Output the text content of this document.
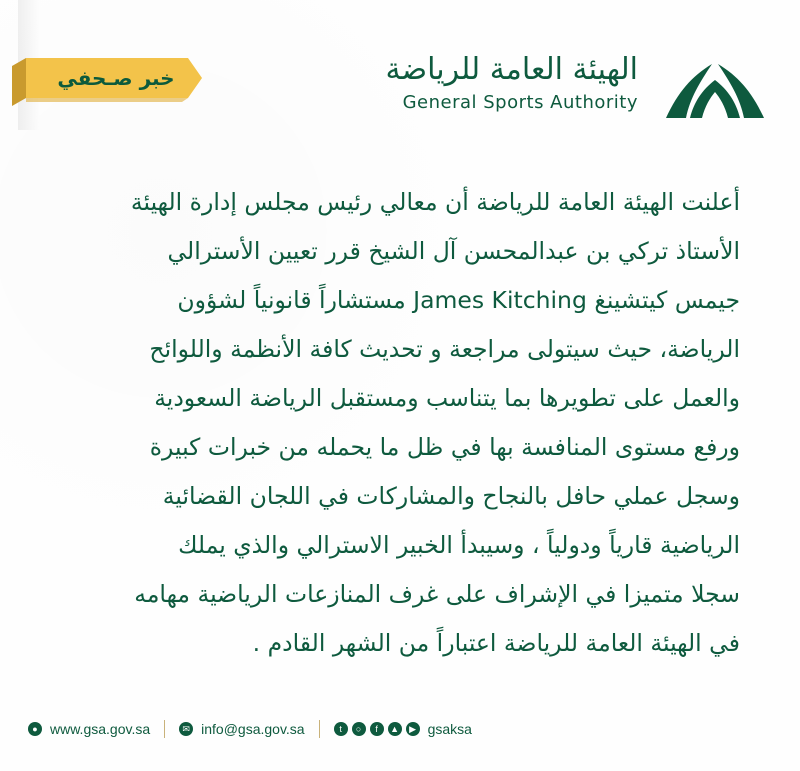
خبر صـحفي	الهيئة العامة للرياضة
General Sports Authority
أعلنت الهيئة العامة للرياضة أن معالي رئيس مجلس إدارة الهيئة
الأستاذ تركي بن عبدالمحسن آل الشيخ قرر تعيين الأسترالي
جيمس كيتشينغ James Kitching مستشاراً قانونياً لشؤون
الرياضة، حيث سيتولى مراجعة و تحديث كافة الأنظمة واللوائح
والعمل على تطويرها بما يتناسب ومستقبل الرياضة السعودية
ورفع مستوى المنافسة بها في ظل ما يحمله من خبرات كبيرة
وسجل عملي حافل بالنجاح والمشاركات في اللجان القضائية
الرياضية قارياً ودولياً ، وسيبدأ الخبير الاسترالي والذي يملك
سجلا متميزا في الإشراف على غرف المنازعات الرياضية مهامه
في الهيئة العامة للرياضة اعتباراً من الشهر القادم .
● www.gsa.gov.sa	✉ info@gsa.gov.sa	t	○	f	▲	▶ gsaksa
